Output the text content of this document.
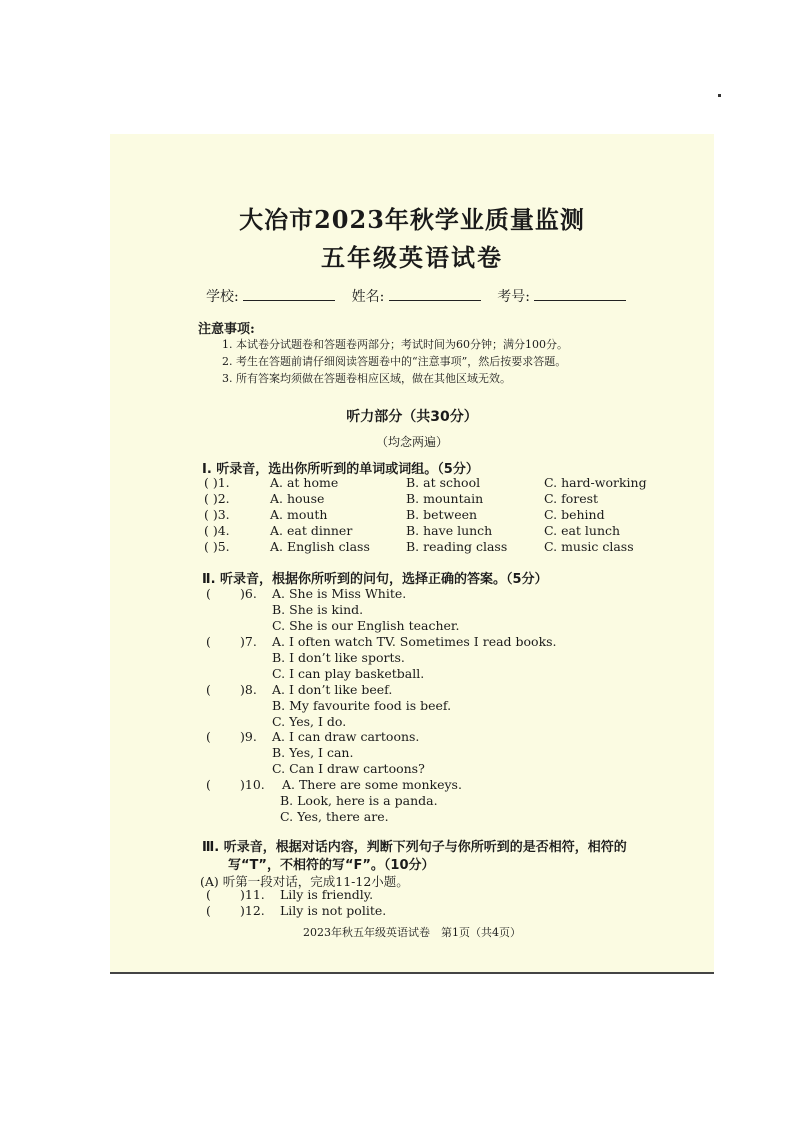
大冶市2023年秋学业质量监测
五年级英语试卷
学校:	姓名:	考号:
注意事项:
1. 本试卷分试题卷和答题卷两部分；考试时间为60分钟；满分100分。
2. 考生在答题前请仔细阅读答题卷中的“注意事项”，然后按要求答题。
3. 所有答案均须做在答题卷相应区域，做在其他区域无效。
听力部分（共30分）
（均念两遍）
Ⅰ. 听录音，选出你所听到的单词或词组。（5分）
( )1.	A. at home	B. at school	C. hard-working
( )2.	A. house	B. mountain	C. forest
( )3.	A. mouth	B. between	C. behind
( )4.	A. eat dinner	B. have lunch	C. eat lunch
( )5.	A. English class	B. reading class	C. music class
Ⅱ. 听录音，根据你所听到的问句，选择正确的答案。（5分）
( )6. A. She is Miss White.
B. She is kind.
C. She is our English teacher.
( )7. A. I often watch TV. Sometimes I read books.
B. I don’t like sports.
C. I can play basketball.
( )8. A. I don’t like beef.
B. My favourite food is beef.
C. Yes, I do.
( )9. A. I can draw cartoons.
B. Yes, I can.
C. Can I draw cartoons?
( )10. A. There are some monkeys.
B. Look, here is a panda.
C. Yes, there are.
Ⅲ. 听录音，根据对话内容，判断下列句子与你所听到的是否相符，相符的
写“T”，不相符的写“F”。（10分）
(A) 听第一段对话，完成11-12小题。
( )11. Lily is friendly.
( )12. Lily is not polite.
2023年秋五年级英语试卷　第1页（共4页）
